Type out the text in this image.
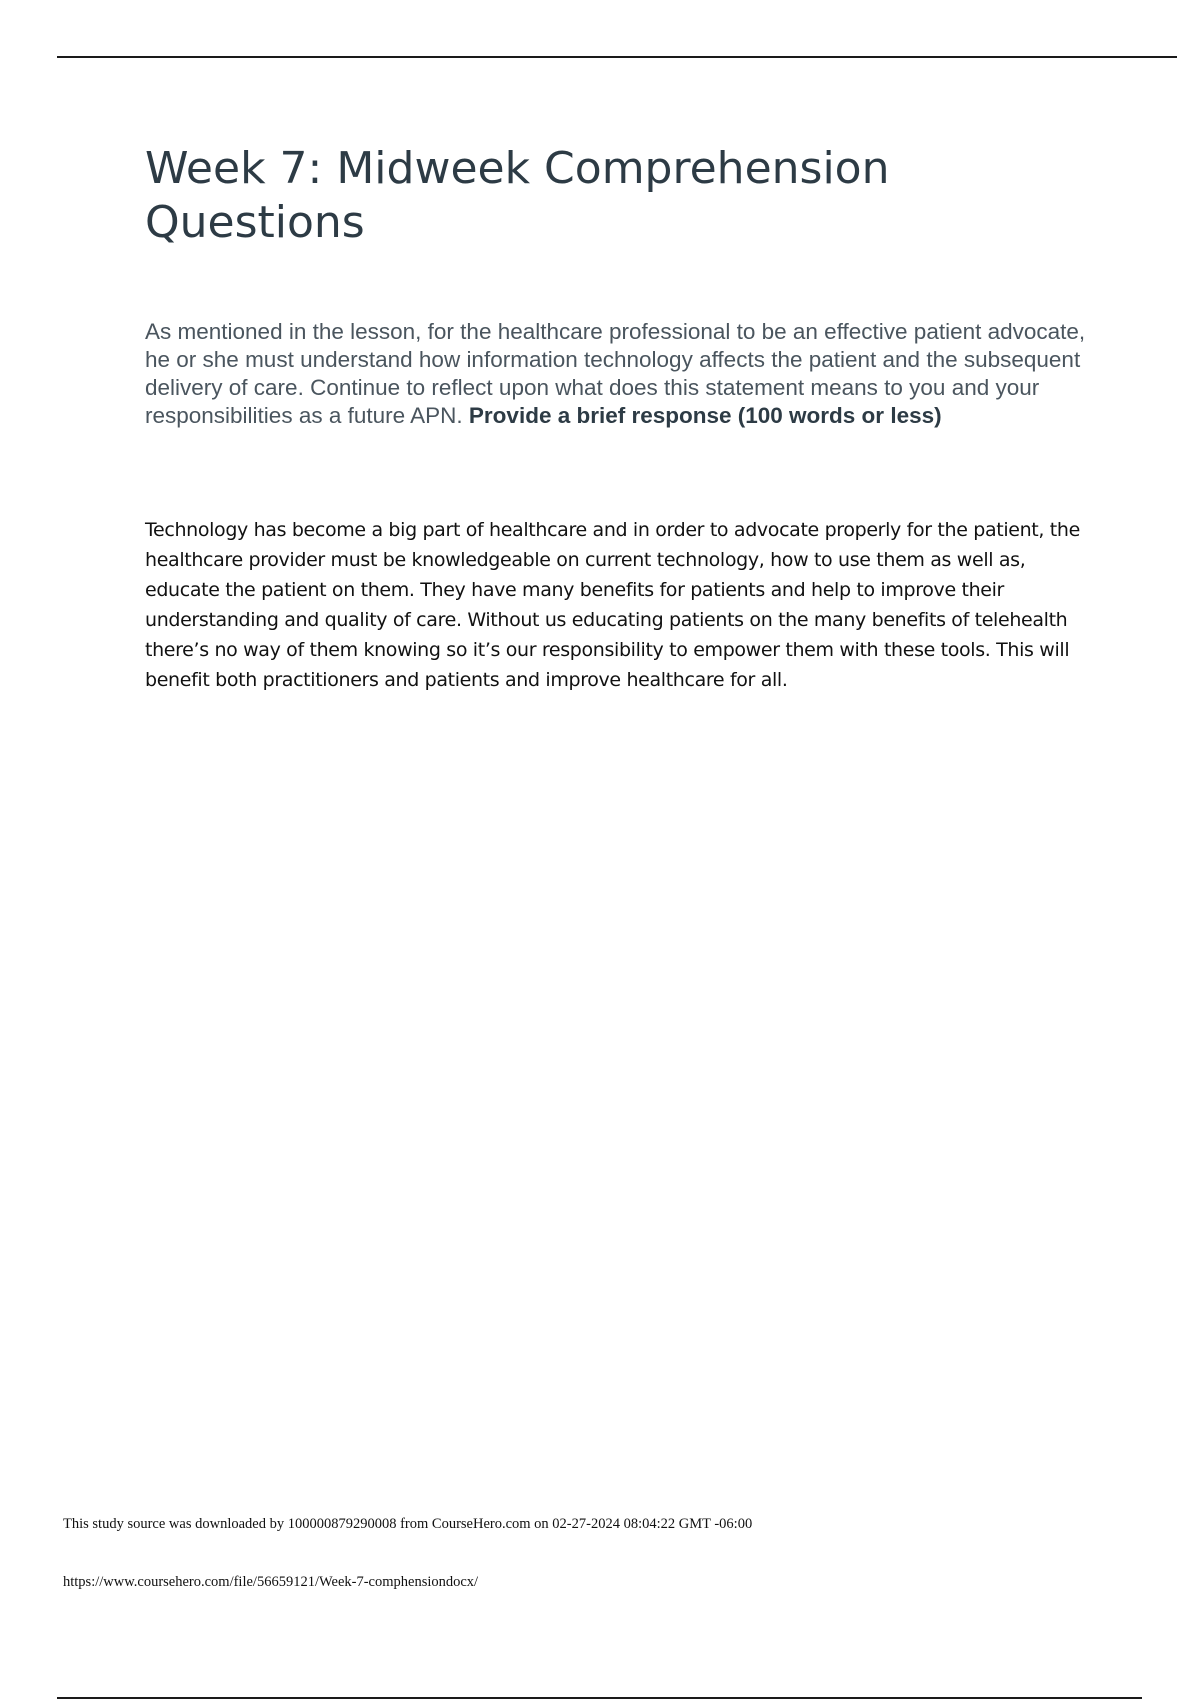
Week 7: Midweek Comprehension Questions

As mentioned in the lesson, for the healthcare professional to be an effective patient advocate, he or she must understand how information technology affects the patient and the subsequent delivery of care. Continue to reflect upon what does this statement means to you and your responsibilities as a future APN. Provide a brief response (100 words or less)

Technology has become a big part of healthcare and in order to advocate properly for the patient, the healthcare provider must be knowledgeable on current technology, how to use them as well as, educate the patient on them. They have many benefits for patients and help to improve their understanding and quality of care. Without us educating patients on the many benefits of telehealth there’s no way of them knowing so it’s our responsibility to empower them with these tools. This will benefit both practitioners and patients and improve healthcare for all.

This study source was downloaded by 100000879290008 from CourseHero.com on 02-27-2024 08:04:22 GMT -06:00

https://www.coursehero.com/file/56659121/Week-7-comphensiondocx/
